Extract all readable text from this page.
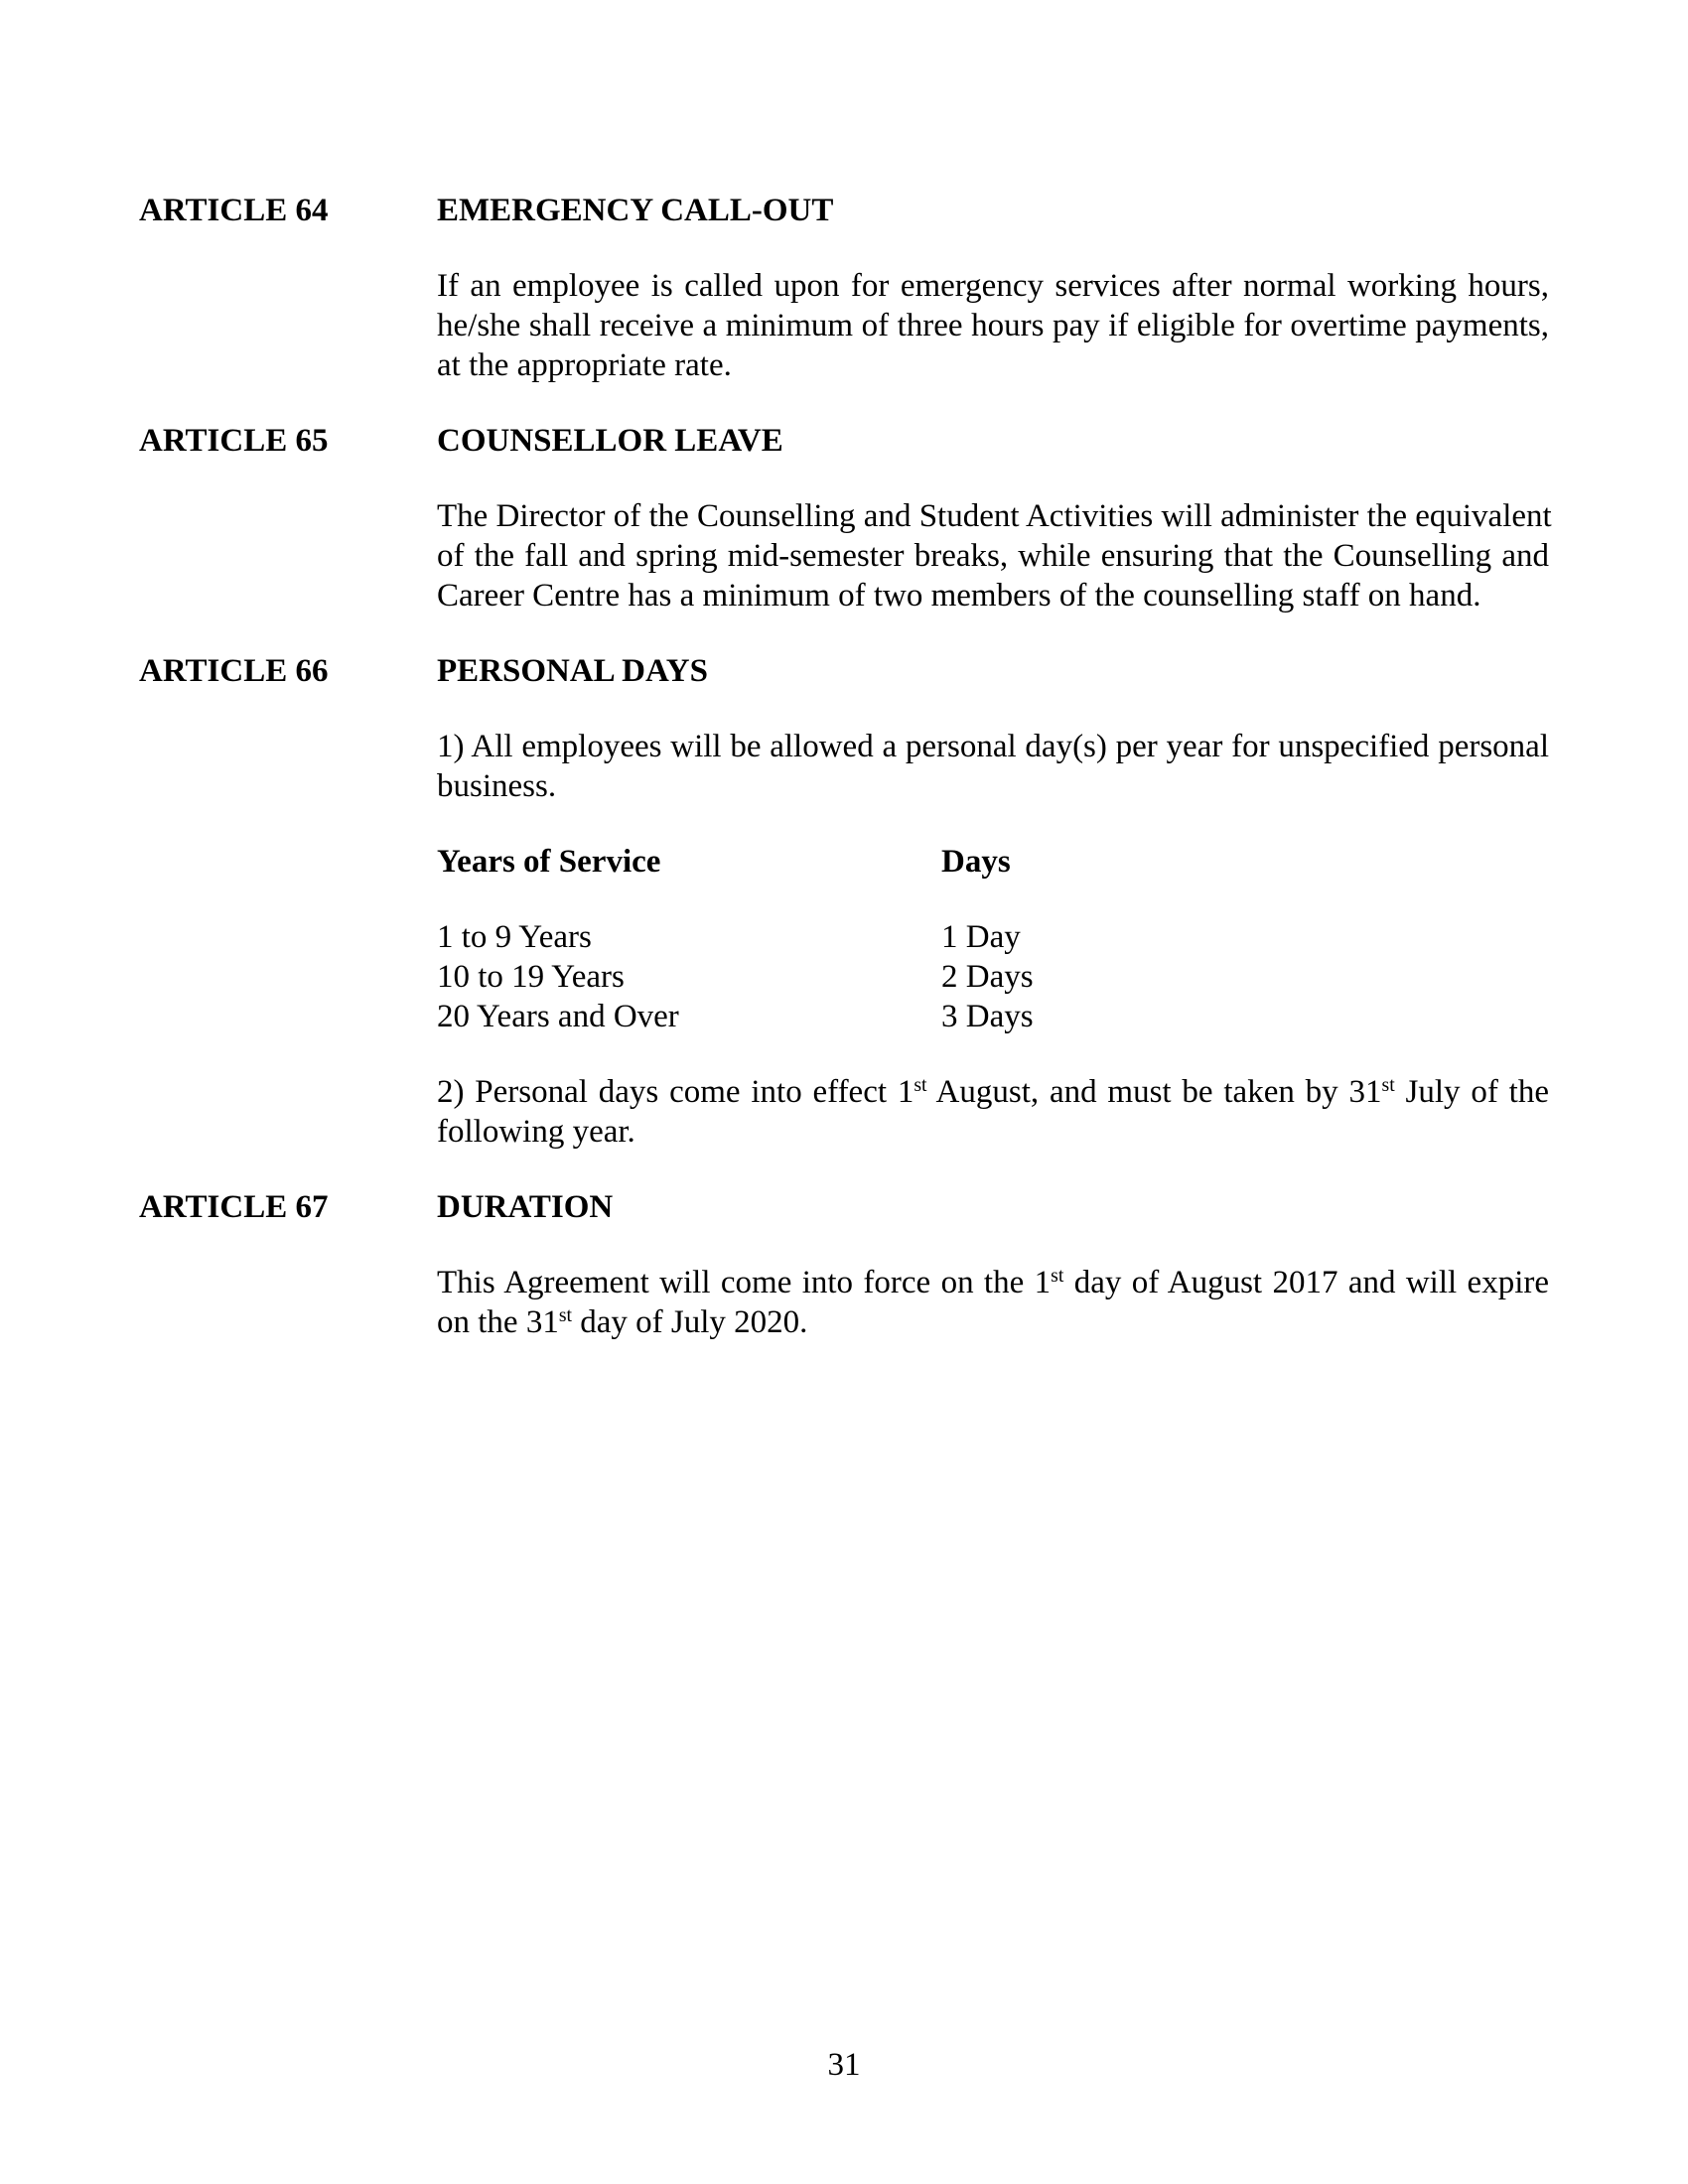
ARTICLE 64	EMERGENCY CALL-OUT
If an employee is called upon for emergency services after normal working hours,
he/she shall receive a minimum of three hours pay if eligible for overtime payments,
at the appropriate rate.
ARTICLE 65	COUNSELLOR LEAVE
The Director of the Counselling and Student Activities will administer the equivalent
of the fall and spring mid-semester breaks, while ensuring that the Counselling and
Career Centre has a minimum of two members of the counselling staff on hand.
ARTICLE 66	PERSONAL DAYS
1) All employees will be allowed a personal day(s) per year for unspecified personal
business.
Years of Service	Days
1 to 9 Years	1 Day
10 to 19 Years	2 Days
20 Years and Over	3 Days
2) Personal days come into effect 1st August, and must be taken by 31st July of the
following year.
ARTICLE 67	DURATION
This Agreement will come into force on the 1st day of August 2017 and will expire
on the 31st day of July 2020.
31
